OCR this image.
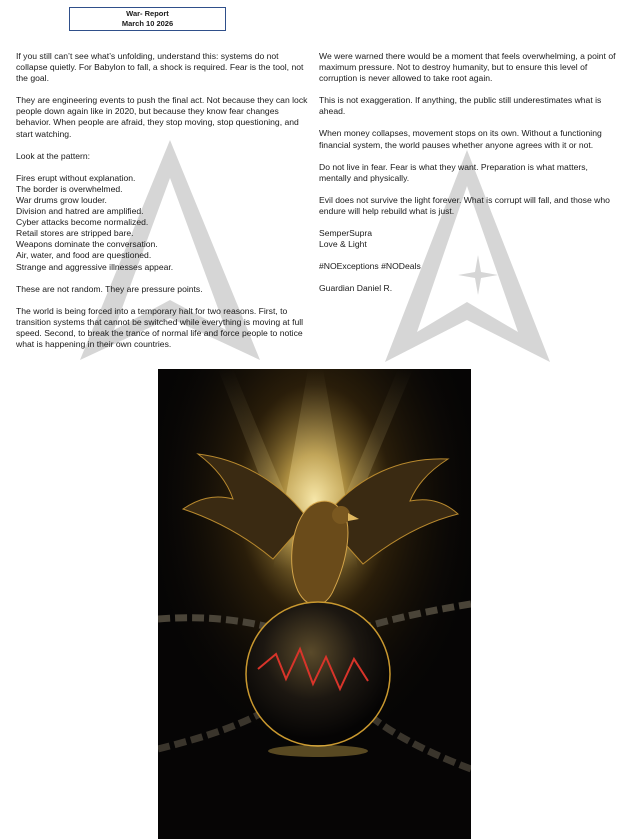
War- Report
March 10 2026

If you still can’t see what’s unfolding, understand this: systems do not collapse quietly. For Babylon to fall, a shock is required. Fear is the tool, not the goal.

They are engineering events to push the final act. Not because they can lock people down again like in 2020, but because they know fear changes behavior. When people are afraid, they stop moving, stop questioning, and start watching.

Look at the pattern:

Fires erupt without explanation.
The border is overwhelmed.
War drums grow louder.
Division and hatred are amplified.
Cyber attacks become normalized.
Retail stores are stripped bare.
Weapons dominate the conversation.
Air, water, and food are questioned.
Strange and aggressive illnesses appear.

These are not random. They are pressure points.

The world is being forced into a temporary halt for two reasons. First, to transition systems that cannot be switched while everything is moving at full speed. Second, to break the trance of normal life and force people to notice what is happening in their own countries.

We were warned there would be a moment that feels overwhelming, a point of maximum pressure. Not to destroy humanity, but to ensure this level of corruption is never allowed to take root again.

This is not exaggeration. If anything, the public still underestimates what is ahead.

When money collapses, movement stops on its own. Without a functioning financial system, the world pauses whether anyone agrees with it or not.

Do not live in fear. Fear is what they want. Preparation is what matters, mentally and physically.

Evil does not survive the light forever. What is corrupt will fall, and those who endure will help rebuild what is just.

SemperSupra
Love & Light

#NOExceptions #NODeals

Guardian Daniel R.
